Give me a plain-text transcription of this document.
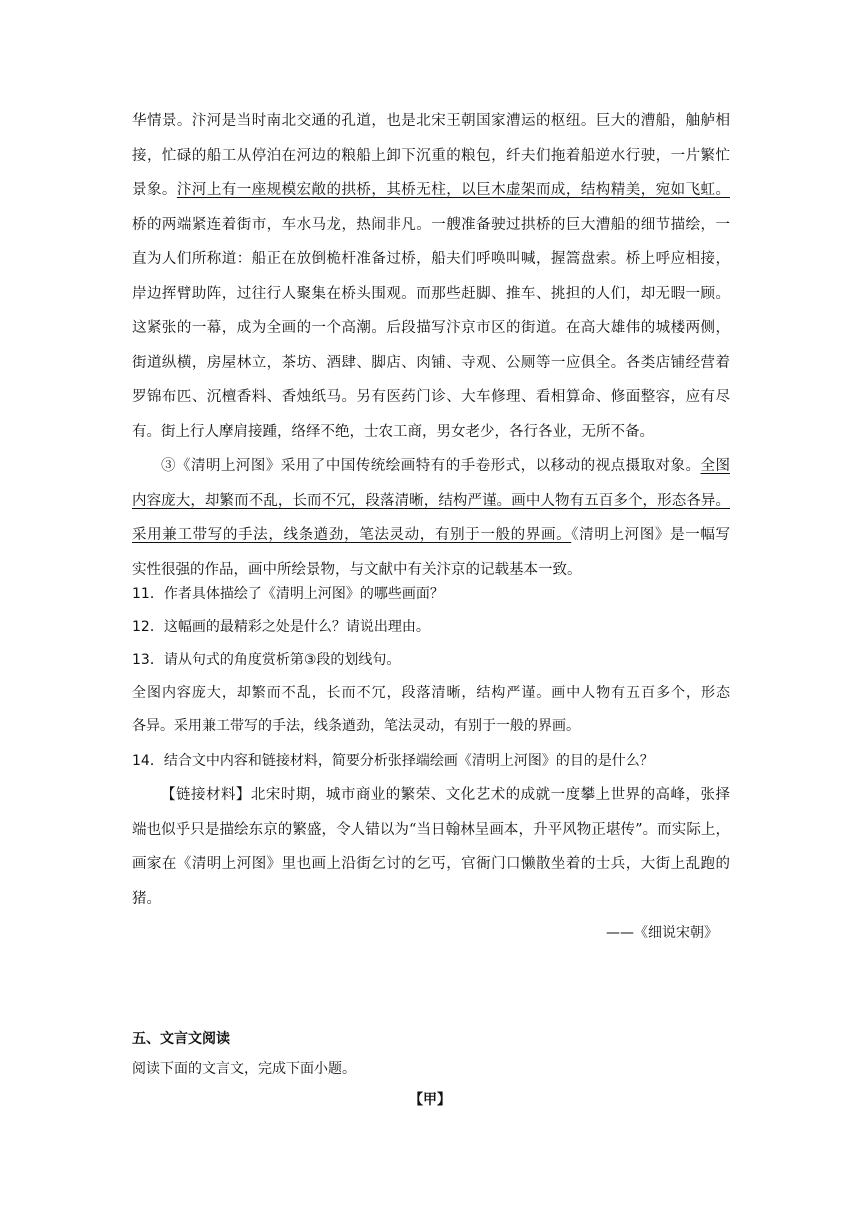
华情景。汴河是当时南北交通的孔道，也是北宋王朝国家漕运的枢纽。巨大的漕船，舳舻相
接，忙碌的船工从停泊在河边的粮船上卸下沉重的粮包，纤夫们拖着船逆水行驶，一片繁忙
景象。汴河上有一座规模宏敞的拱桥，其桥无柱，以巨木虚架而成，结构精美，宛如飞虹。
桥的两端紧连着街市，车水马龙，热闹非凡。一艘准备驶过拱桥的巨大漕船的细节描绘，一
直为人们所称道：船正在放倒桅杆准备过桥，船夫们呼唤叫喊，握篙盘索。桥上呼应相接，
岸边挥臂助阵，过往行人聚集在桥头围观。而那些赶脚、推车、挑担的人们，却无暇一顾。
这紧张的一幕，成为全画的一个高潮。后段描写汴京市区的街道。在高大雄伟的城楼两侧，
街道纵横，房屋林立，茶坊、酒肆、脚店、肉铺、寺观、公厕等一应俱全。各类店铺经营着
罗锦布匹、沉檀香料、香烛纸马。另有医药门诊、大车修理、看相算命、修面整容，应有尽
有。街上行人摩肩接踵，络绎不绝，士农工商，男女老少，各行各业，无所不备。
③《清明上河图》采用了中国传统绘画特有的手卷形式，以移动的视点摄取对象。全图
内容庞大，却繁而不乱，长而不冗，段落清晰，结构严谨。画中人物有五百多个，形态各异。
采用兼工带写的手法，线条遒劲，笔法灵动，有别于一般的界画。《清明上河图》是一幅写
实性很强的作品，画中所绘景物，与文献中有关汴京的记载基本一致。
11．作者具体描绘了《清明上河图》的哪些画面？
12．这幅画的最精彩之处是什么？请说出理由。
13．请从句式的角度赏析第③段的划线句。
全图内容庞大，却繁而不乱，长而不冗，段落清晰，结构严谨。画中人物有五百多个，形态
各异。采用兼工带写的手法，线条遒劲，笔法灵动，有别于一般的界画。
14．结合文中内容和链接材料，简要分析张择端绘画《清明上河图》的目的是什么？
【链接材料】北宋时期，城市商业的繁荣、文化艺术的成就一度攀上世界的高峰，张择
端也似乎只是描绘东京的繁盛，令人错以为“当日翰林呈画本，升平风物正堪传”。而实际上，
画家在《清明上河图》里也画上沿街乞讨的乞丐，官衙门口懒散坐着的士兵，大街上乱跑的
猪。
——《细说宋朝》
五、文言文阅读
阅读下面的文言文，完成下面小题。
【甲】
